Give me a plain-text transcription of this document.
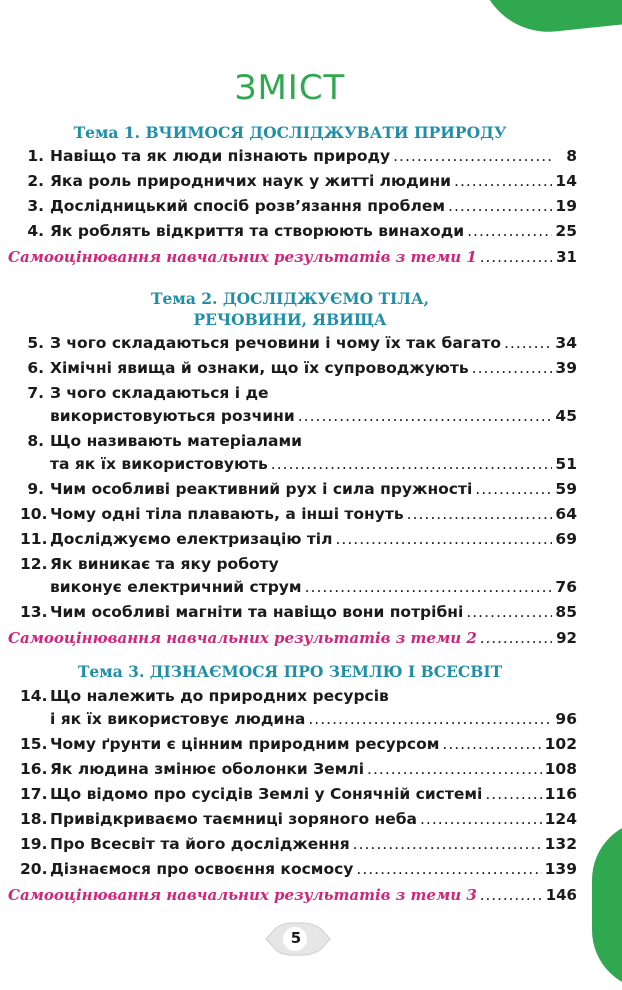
ЗМІСТ
Тема 1. ВЧИМОСЯ ДОСЛІДЖУВАТИ ПРИРОДУ
1. Навіщо та як люди пізнають природу .....	8
2. Яка роль природничих наук у житті людини .....	14
3. Дослідницький спосіб розв’язання проблем .....	19
4. Як роблять відкриття та створюють винаходи .....	25
Самооцінювання навчальних результатів з теми 1 .....	31
Тема 2. ДОСЛІДЖУЄМО ТІЛА,
РЕЧОВИНИ, ЯВИЩА
5. З чого складаються речовини і чому їх так багато .....	34
6. Хімічні явища й ознаки, що їх супроводжують .....	39
7. З чого складаються і де
використовуються розчини .....	45
8. Що називають матеріалами
та як їх використовують .....	51
9. Чим особливі реактивний рух і сила пружності .....	59
10. Чому одні тіла плавають, а інші тонуть .....	64
11. Досліджуємо електризацію тіл .....	69
12. Як виникає та яку роботу
виконує електричний струм .....	76
13. Чим особливі магніти та навіщо вони потрібні .....	85
Самооцінювання навчальних результатів з теми 2 .....	92
Тема 3. ДІЗНАЄМОСЯ ПРО ЗЕМЛЮ І ВСЕСВІТ
14. Що належить до природних ресурсів
і як їх використовує людина .....	96
15. Чому ґрунти є цінним природним ресурсом .....	102
16. Як людина змінює оболонки Землі .....	108
17. Що відомо про сусідів Землі у Сонячній системі .....	116
18. Привідкриваємо таємниці зоряного неба .....	124
19. Про Всесвіт та його дослідження .....	132
20. Дізнаємося про освоєння космосу .....	139
Самооцінювання навчальних результатів з теми 3 .....	146
5
